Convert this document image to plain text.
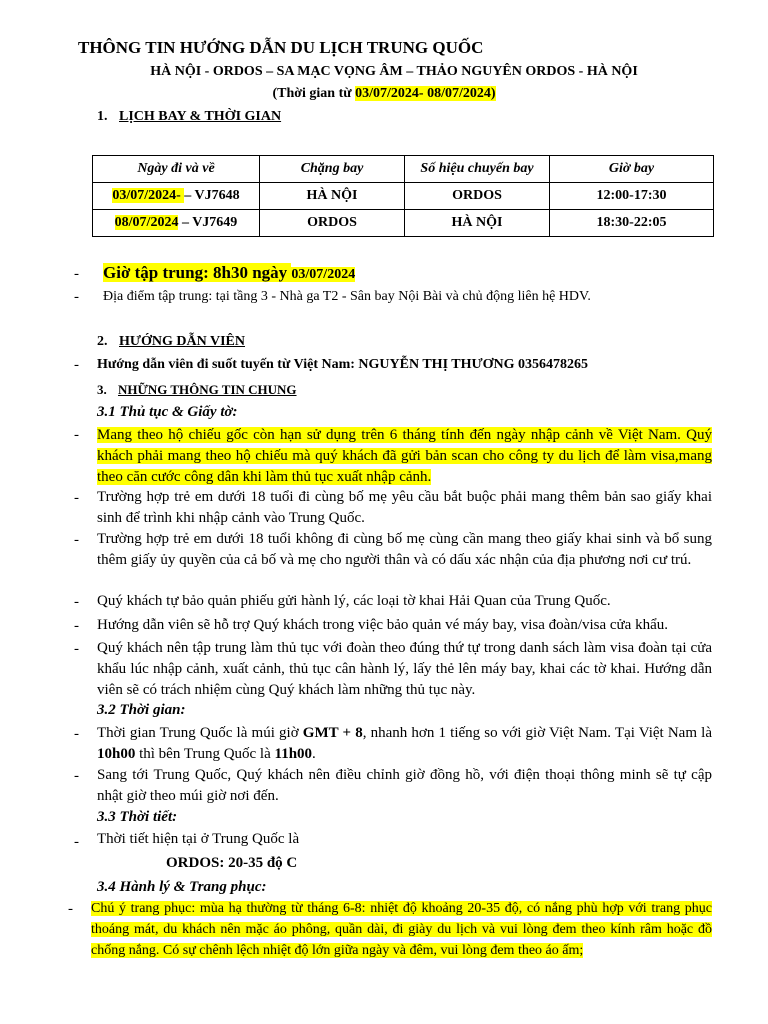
THÔNG TIN HƯỚNG DẪN DU LỊCH TRUNG QUỐC
HÀ NỘI - ORDOS – SA MẠC VỌNG ÂM – THẢO NGUYÊN ORDOS - HÀ NỘI
(Thời gian từ 03/07/2024- 08/07/2024)
1. LỊCH BAY & THỜI GIAN
Ngày đi và về	Chặng bay	Số hiệu chuyến bay	Giờ bay
03/07/2024- – VJ7648	HÀ NỘI	ORDOS	12:00-17:30
08/07/2024 – VJ7649	ORDOS	HÀ NỘI	18:30-22:05
- Giờ tập trung: 8h30 ngày 03/07/2024
- Địa điểm tập trung: tại tầng 3 - Nhà ga T2 - Sân bay Nội Bài và chủ động liên hệ HDV.
2. HƯỚNG DẪN VIÊN
- Hướng dẫn viên đi suốt tuyến từ Việt Nam: NGUYỄN THỊ THƯƠNG 0356478265
3. NHỮNG THÔNG TIN CHUNG
3.1 Thủ tục & Giấy tờ:
- Mang theo hộ chiếu gốc còn hạn sử dụng trên 6 tháng tính đến ngày nhập cảnh về Việt Nam. Quý khách phải mang theo hộ chiếu mà quý khách đã gửi bản scan cho công ty du lịch để làm visa,mang theo căn cước công dân khi làm thủ tục xuất nhập cảnh.
- Trường hợp trẻ em dưới 18 tuổi đi cùng bố mẹ yêu cầu bắt buộc phải mang thêm bản sao giấy khai sinh để trình khi nhập cảnh vào Trung Quốc.
- Trường hợp trẻ em dưới 18 tuổi không đi cùng bố mẹ cùng cần mang theo giấy khai sinh và bổ sung thêm giấy ủy quyền của cả bố và mẹ cho người thân và có dấu xác nhận của địa phương nơi cư trú.
- Quý khách tự bảo quản phiếu gửi hành lý, các loại tờ khai Hải Quan của Trung Quốc.
- Hướng dẫn viên sẽ hỗ trợ Quý khách trong việc bảo quản vé máy bay, visa đoàn/visa cửa khẩu.
- Quý khách nên tập trung làm thủ tục với đoàn theo đúng thứ tự trong danh sách làm visa đoàn tại cửa khẩu lúc nhập cảnh, xuất cảnh, thủ tục cân hành lý, lấy thẻ lên máy bay, khai các tờ khai. Hướng dẫn viên sẽ có trách nhiệm cùng Quý khách làm những thủ tục này.
3.2 Thời gian:
- Thời gian Trung Quốc là múi giờ GMT + 8, nhanh hơn 1 tiếng so với giờ Việt Nam. Tại Việt Nam là 10h00 thì bên Trung Quốc là 11h00.
- Sang tới Trung Quốc, Quý khách nên điều chỉnh giờ đồng hồ, với điện thoại thông minh sẽ tự cập nhật giờ theo múi giờ nơi đến.
3.3 Thời tiết:
- Thời tiết hiện tại ở Trung Quốc là
ORDOS: 20-35 độ C
3.4 Hành lý & Trang phục:
- Chú ý trang phục: mùa hạ thường từ tháng 6-8: nhiệt độ khoảng 20-35 độ, có nắng phù hợp với trang phục thoáng mát, du khách nên mặc áo phông, quần dài, đi giày du lịch và vui lòng đem theo kính râm hoặc đồ chống nắng. Có sự chênh lệch nhiệt độ lớn giữa ngày và đêm, vui lòng đem theo áo ấm;
